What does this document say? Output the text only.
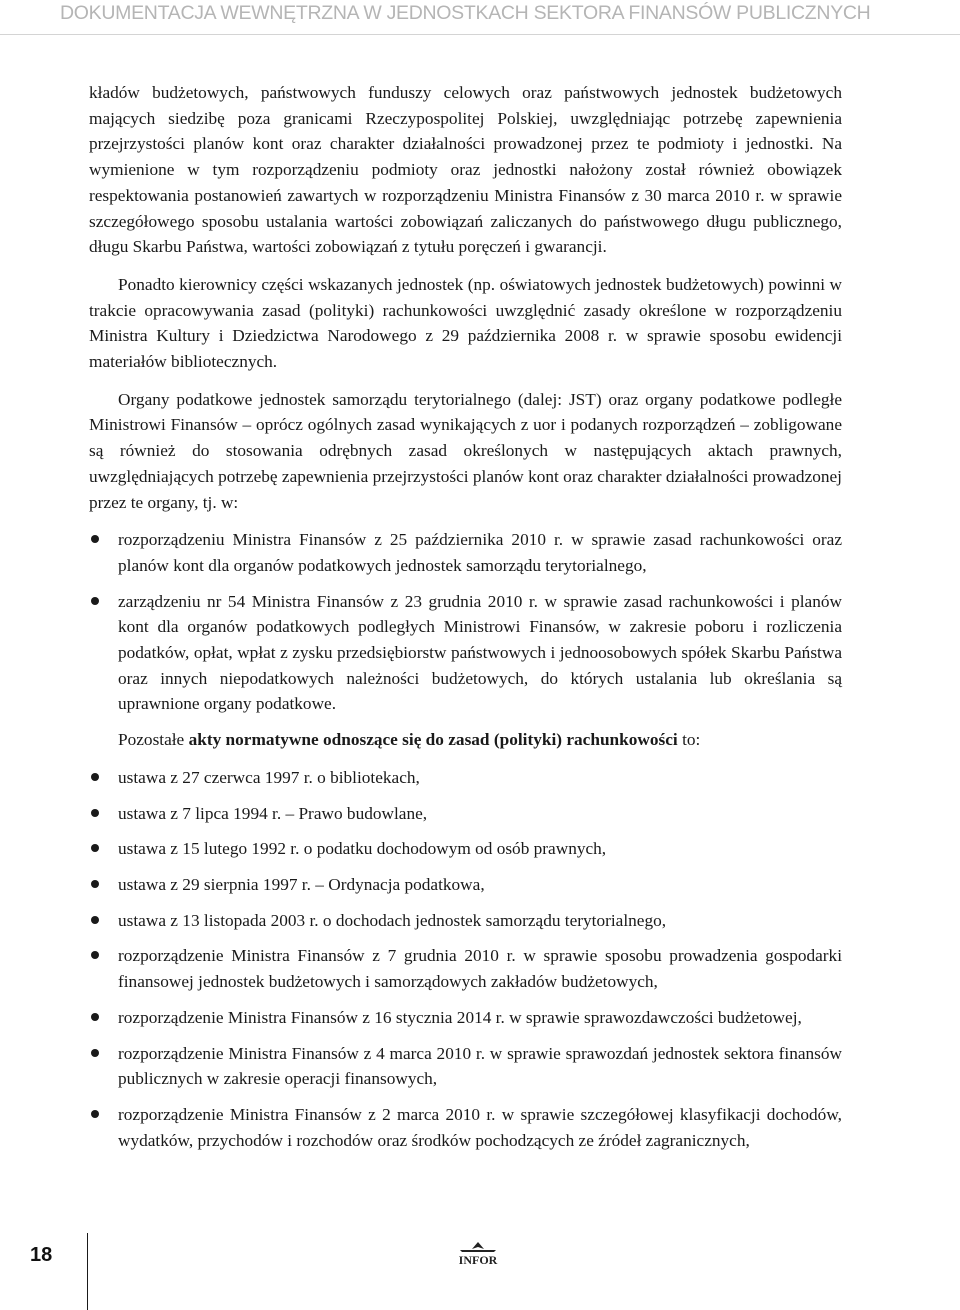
DOKUMENTACJA WEWNĘTRZNA W JEDNOSTKACH SEKTORA FINANSÓW PUBLICZNYCH

kładów budżetowych, państwowych funduszy celowych oraz państwowych jednostek budżetowych mających siedzibę poza granicami Rzeczypospolitej Polskiej, uwzględniając potrzebę zapewnienia przejrzystości planów kont oraz charakter działalności prowadzonej przez te podmioty i jednostki. Na wymienione w tym rozporządzeniu podmioty oraz jednostki nałożony został również obowiązek respektowania postanowień zawartych w rozporządzeniu Ministra Finansów z 30 marca 2010 r. w sprawie szczegółowego sposobu ustalania wartości zobowiązań zaliczanych do państwowego długu publicznego, długu Skarbu Państwa, wartości zobowiązań z tytułu poręczeń i gwarancji.

Ponadto kierownicy części wskazanych jednostek (np. oświatowych jednostek budżetowych) powinni w trakcie opracowywania zasad (polityki) rachunkowości uwzględnić zasady określone w rozporządzeniu Ministra Kultury i Dziedzictwa Narodowego z 29 października 2008 r. w sprawie sposobu ewidencji materiałów bibliotecznych.

Organy podatkowe jednostek samorządu terytorialnego (dalej: JST) oraz organy podatkowe podległe Ministrowi Finansów – oprócz ogólnych zasad wynikających z uor i podanych rozporządzeń – zobligowane są również do stosowania odrębnych zasad określonych w następujących aktach prawnych, uwzględniających potrzebę zapewnienia przejrzystości planów kont oraz charakter działalności prowadzonej przez te organy, tj. w:

rozporządzeniu Ministra Finansów z 25 października 2010 r. w sprawie zasad rachunkowości oraz planów kont dla organów podatkowych jednostek samorządu terytorialnego,
zarządzeniu nr 54 Ministra Finansów z 23 grudnia 2010 r. w sprawie zasad rachunkowości i planów kont dla organów podatkowych podległych Ministrowi Finansów, w zakresie poboru i rozliczenia podatków, opłat, wpłat z zysku przedsiębiorstw państwowych i jednoosobowych spółek Skarbu Państwa oraz innych niepodatkowych należności budżetowych, do których ustalania lub określania są uprawnione organy podatkowe.

Pozostałe akty normatywne odnoszące się do zasad (polityki) rachunkowości to:

ustawa z 27 czerwca 1997 r. o bibliotekach,
ustawa z 7 lipca 1994 r. – Prawo budowlane,
ustawa z 15 lutego 1992 r. o podatku dochodowym od osób prawnych,
ustawa z 29 sierpnia 1997 r. – Ordynacja podatkowa,
ustawa z 13 listopada 2003 r. o dochodach jednostek samorządu terytorialnego,
rozporządzenie Ministra Finansów z 7 grudnia 2010 r. w sprawie sposobu prowadzenia gospodarki finansowej jednostek budżetowych i samorządowych zakładów budżetowych,
rozporządzenie Ministra Finansów z 16 stycznia 2014 r. w sprawie sprawozdawczości budżetowej,
rozporządzenie Ministra Finansów z 4 marca 2010 r. w sprawie sprawozdań jednostek sektora finansów publicznych w zakresie operacji finansowych,
rozporządzenie Ministra Finansów z 2 marca 2010 r. w sprawie szczegółowej klasyfikacji dochodów, wydatków, przychodów i rozchodów oraz środków pochodzących ze źródeł zagranicznych,
18	INFOR
